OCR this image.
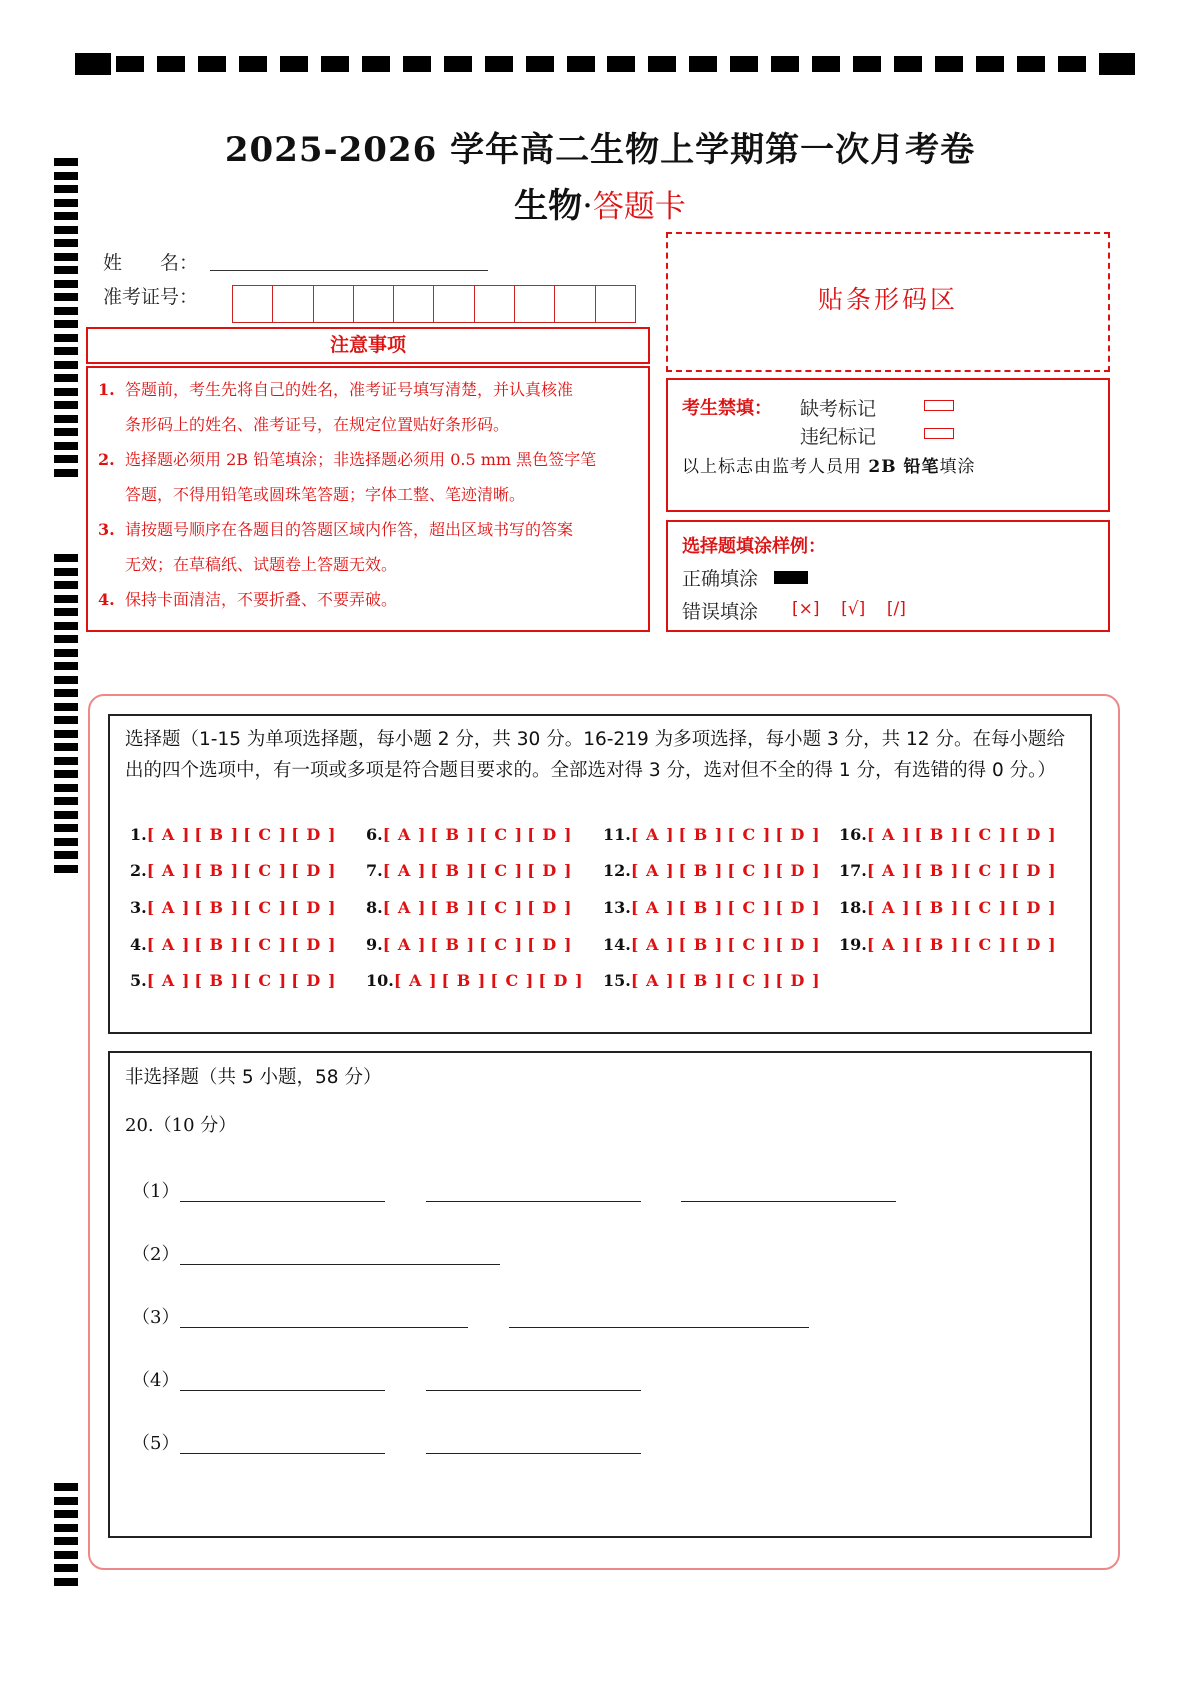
2025-2026 学年高二生物上学期第一次月考卷
生物·答题卡
姓　　名：
准考证号：
注意事项
1. 答题前，考生先将自己的姓名，准考证号填写清楚，并认真核准
条形码上的姓名、准考证号，在规定位置贴好条形码。
2. 选择题必须用 2B 铅笔填涂；非选择题必须用 0.5 mm 黑色签字笔
答题，不得用铅笔或圆珠笔答题；字体工整、笔迹清晰。
3. 请按题号顺序在各题目的答题区域内作答，超出区域书写的答案
无效；在草稿纸、试题卷上答题无效。
4. 保持卡面清洁，不要折叠、不要弄破。
贴条形码区
考生禁填： 缺考标记
违纪标记
以上标志由监考人员用 2B 铅笔填涂
选择题填涂样例：
正确填涂
错误填涂 [×] [√] [/]
选择题（1-15 为单项选择题，每小题 2 分，共 30 分。16-219 为多项选择，每小题 3 分，共 12 分。在每小题给出的四个选项中，有一项或多项是符合题目要求的。全部选对得 3 分，选对但不全的得 1 分，有选错的得 0 分。）
1.[ A ] [ B ] [ C ] [ D ]
2.[ A ] [ B ] [ C ] [ D ]
3.[ A ] [ B ] [ C ] [ D ]
4.[ A ] [ B ] [ C ] [ D ]
5.[ A ] [ B ] [ C ] [ D ]
6.[ A ] [ B ] [ C ] [ D ]
7.[ A ] [ B ] [ C ] [ D ]
8.[ A ] [ B ] [ C ] [ D ]
9.[ A ] [ B ] [ C ] [ D ]
10.[ A ] [ B ] [ C ] [ D ]
11.[ A ] [ B ] [ C ] [ D ]
12.[ A ] [ B ] [ C ] [ D ]
13.[ A ] [ B ] [ C ] [ D ]
14.[ A ] [ B ] [ C ] [ D ]
15.[ A ] [ B ] [ C ] [ D ]
16.[ A ] [ B ] [ C ] [ D ]
17.[ A ] [ B ] [ C ] [ D ]
18.[ A ] [ B ] [ C ] [ D ]
19.[ A ] [ B ] [ C ] [ D ]
非选择题（共 5 小题，58 分）
20.（10 分）
（1）
（2）
（3）
（4）
（5）
